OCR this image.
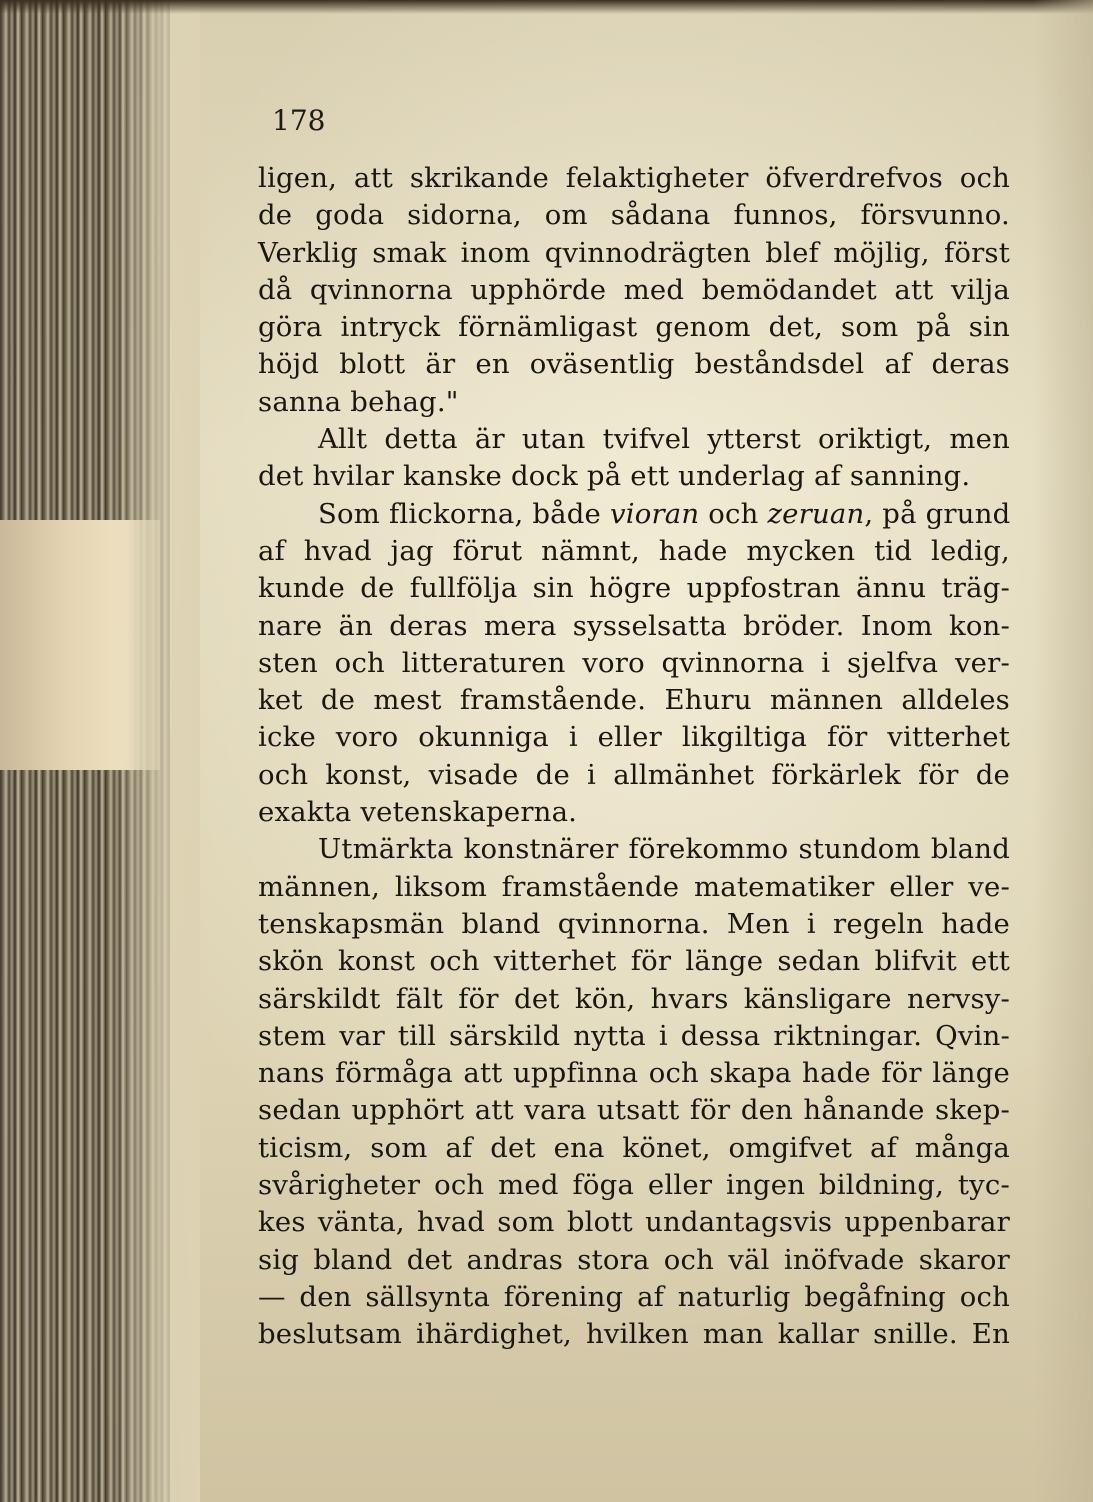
178
ligen, att skrikande felaktigheter öfverdrefvos och
de goda sidorna, om sådana funnos, försvunno.
Verklig smak inom qvinnodrägten blef möjlig, först
då qvinnorna upphörde med bemödandet att vilja
göra intryck förnämligast genom det, som på sin
höjd blott är en oväsentlig beståndsdel af deras
sanna behag."
Allt detta är utan tvifvel ytterst oriktigt, men
det hvilar kanske dock på ett underlag af sanning.
Som flickorna, både vioran och zeruan, på grund
af hvad jag förut nämnt, hade mycken tid ledig,
kunde de fullfölja sin högre uppfostran ännu träg-
nare än deras mera sysselsatta bröder. Inom kon-
sten och litteraturen voro qvinnorna i sjelfva ver-
ket de mest framstående. Ehuru männen alldeles
icke voro okunniga i eller likgiltiga för vitterhet
och konst, visade de i allmänhet förkärlek för de
exakta vetenskaperna.
Utmärkta konstnärer förekommo stundom bland
männen, liksom framstående matematiker eller ve-
tenskapsmän bland qvinnorna. Men i regeln hade
skön konst och vitterhet för länge sedan blifvit ett
särskildt fält för det kön, hvars känsligare nervsy-
stem var till särskild nytta i dessa riktningar. Qvin-
nans förmåga att uppfinna och skapa hade för länge
sedan upphört att vara utsatt för den hånande skep-
ticism, som af det ena könet, omgifvet af många
svårigheter och med föga eller ingen bildning, tyc-
kes vänta, hvad som blott undantagsvis uppenbarar
sig bland det andras stora och väl inöfvade skaror
— den sällsynta förening af naturlig begåfning och
beslutsam ihärdighet, hvilken man kallar snille. En
